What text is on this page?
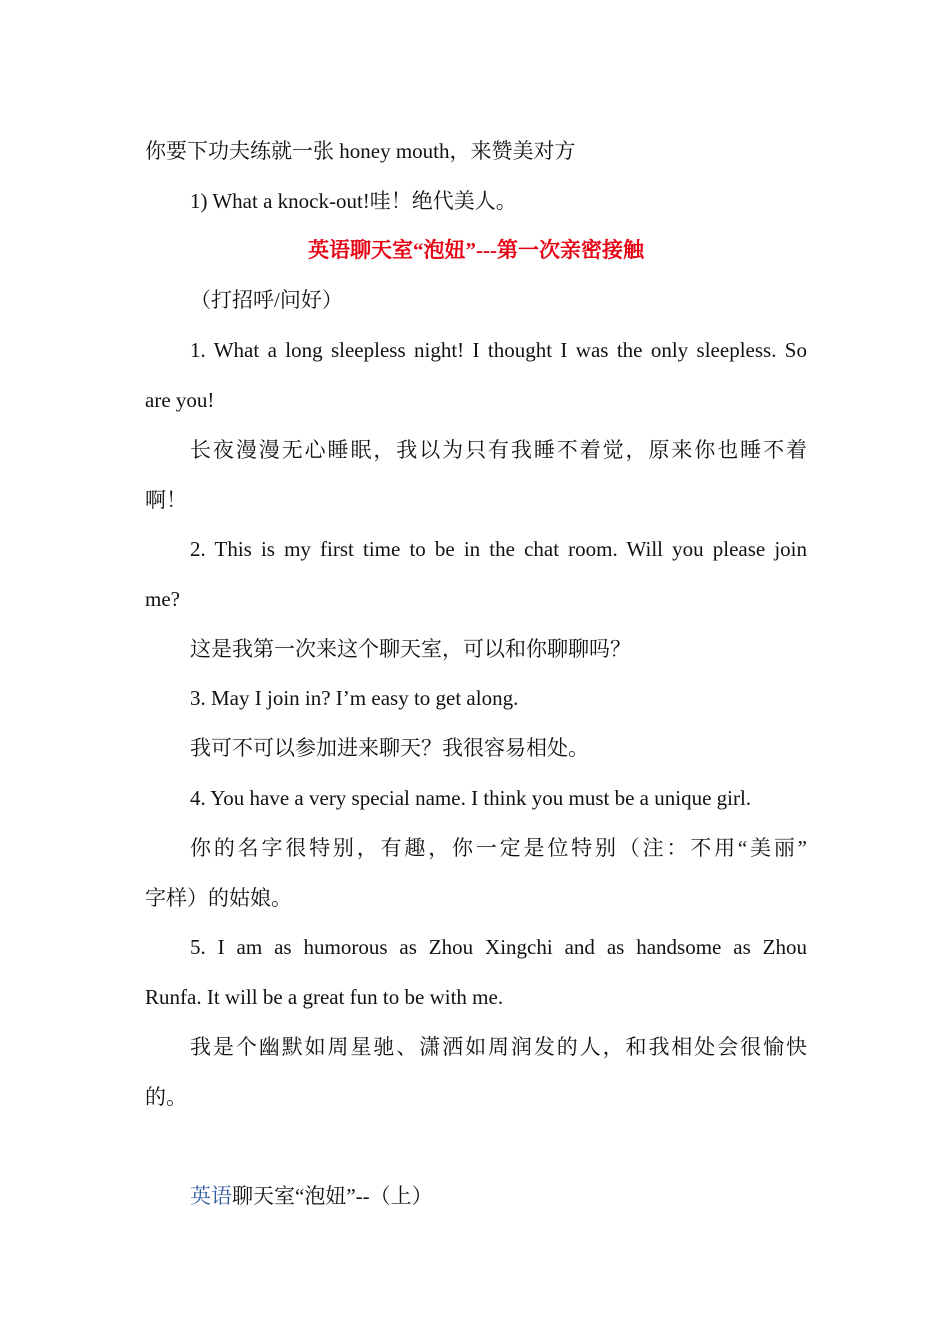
你要下功夫练就一张 honey mouth，来赞美对方
1) What a knock-out!哇！绝代美人。
英语聊天室“泡妞”---第一次亲密接触
（打招呼/问好）
1. What a long sleepless night! I thought I was the only sleepless. So
are you!
长夜漫漫无心睡眠，我以为只有我睡不着觉，原来你也睡不着
啊！
2. This is my first time to be in the chat room. Will you please join
me?
这是我第一次来这个聊天室，可以和你聊聊吗？
3. May I join in? I’m easy to get along.
我可不可以参加进来聊天？我很容易相处。
4. You have a very special name. I think you must be a unique girl.
你的名字很特别，有趣，你一定是位特别（注：不用“美丽”
字样）的姑娘。
5. I am as humorous as Zhou Xingchi and as handsome as Zhou
Runfa. It will be a great fun to be with me.
我是个幽默如周星驰、潇洒如周润发的人，和我相处会很愉快
的。
英语聊天室“泡妞”--（上）
